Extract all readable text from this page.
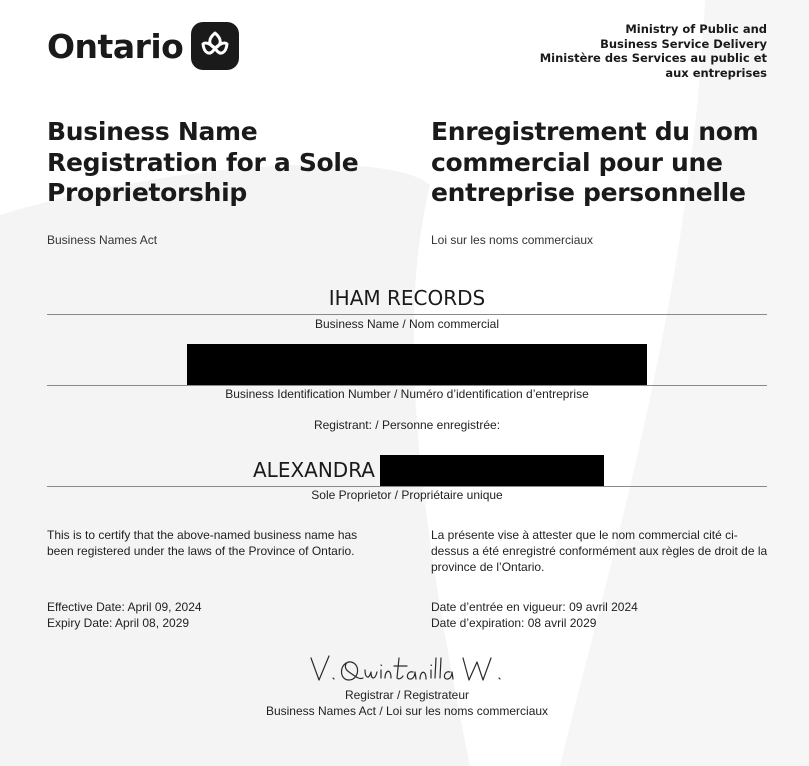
Ontario	Ministry of Public and
Business Service Delivery
Ministère des Services au public et
aux entreprises
Business Name Registration for a Sole Proprietorship
Enregistrement du nom commercial pour une entreprise personnelle
Business Names Act	Loi sur les noms commerciaux
IHAM RECORDS
Business Name / Nom commercial
Business Identification Number / Numéro d’identification d’entreprise
Registrant: / Personne enregistrée:
ALEXANDRA
Sole Proprietor / Propriétaire unique
This is to certify that the above-named business name has been registered under the laws of the Province of Ontario.
La présente vise à attester que le nom commercial cité ci-dessus a été enregistré conformément aux règles de droit de la province de l’Ontario.
Effective Date: April 09, 2024
Expiry Date: April 08, 2029
Date d’entrée en vigueur: 09 avril 2024
Date d’expiration: 08 avril 2029
Registrar / Registrateur
Business Names Act / Loi sur les noms commerciaux
